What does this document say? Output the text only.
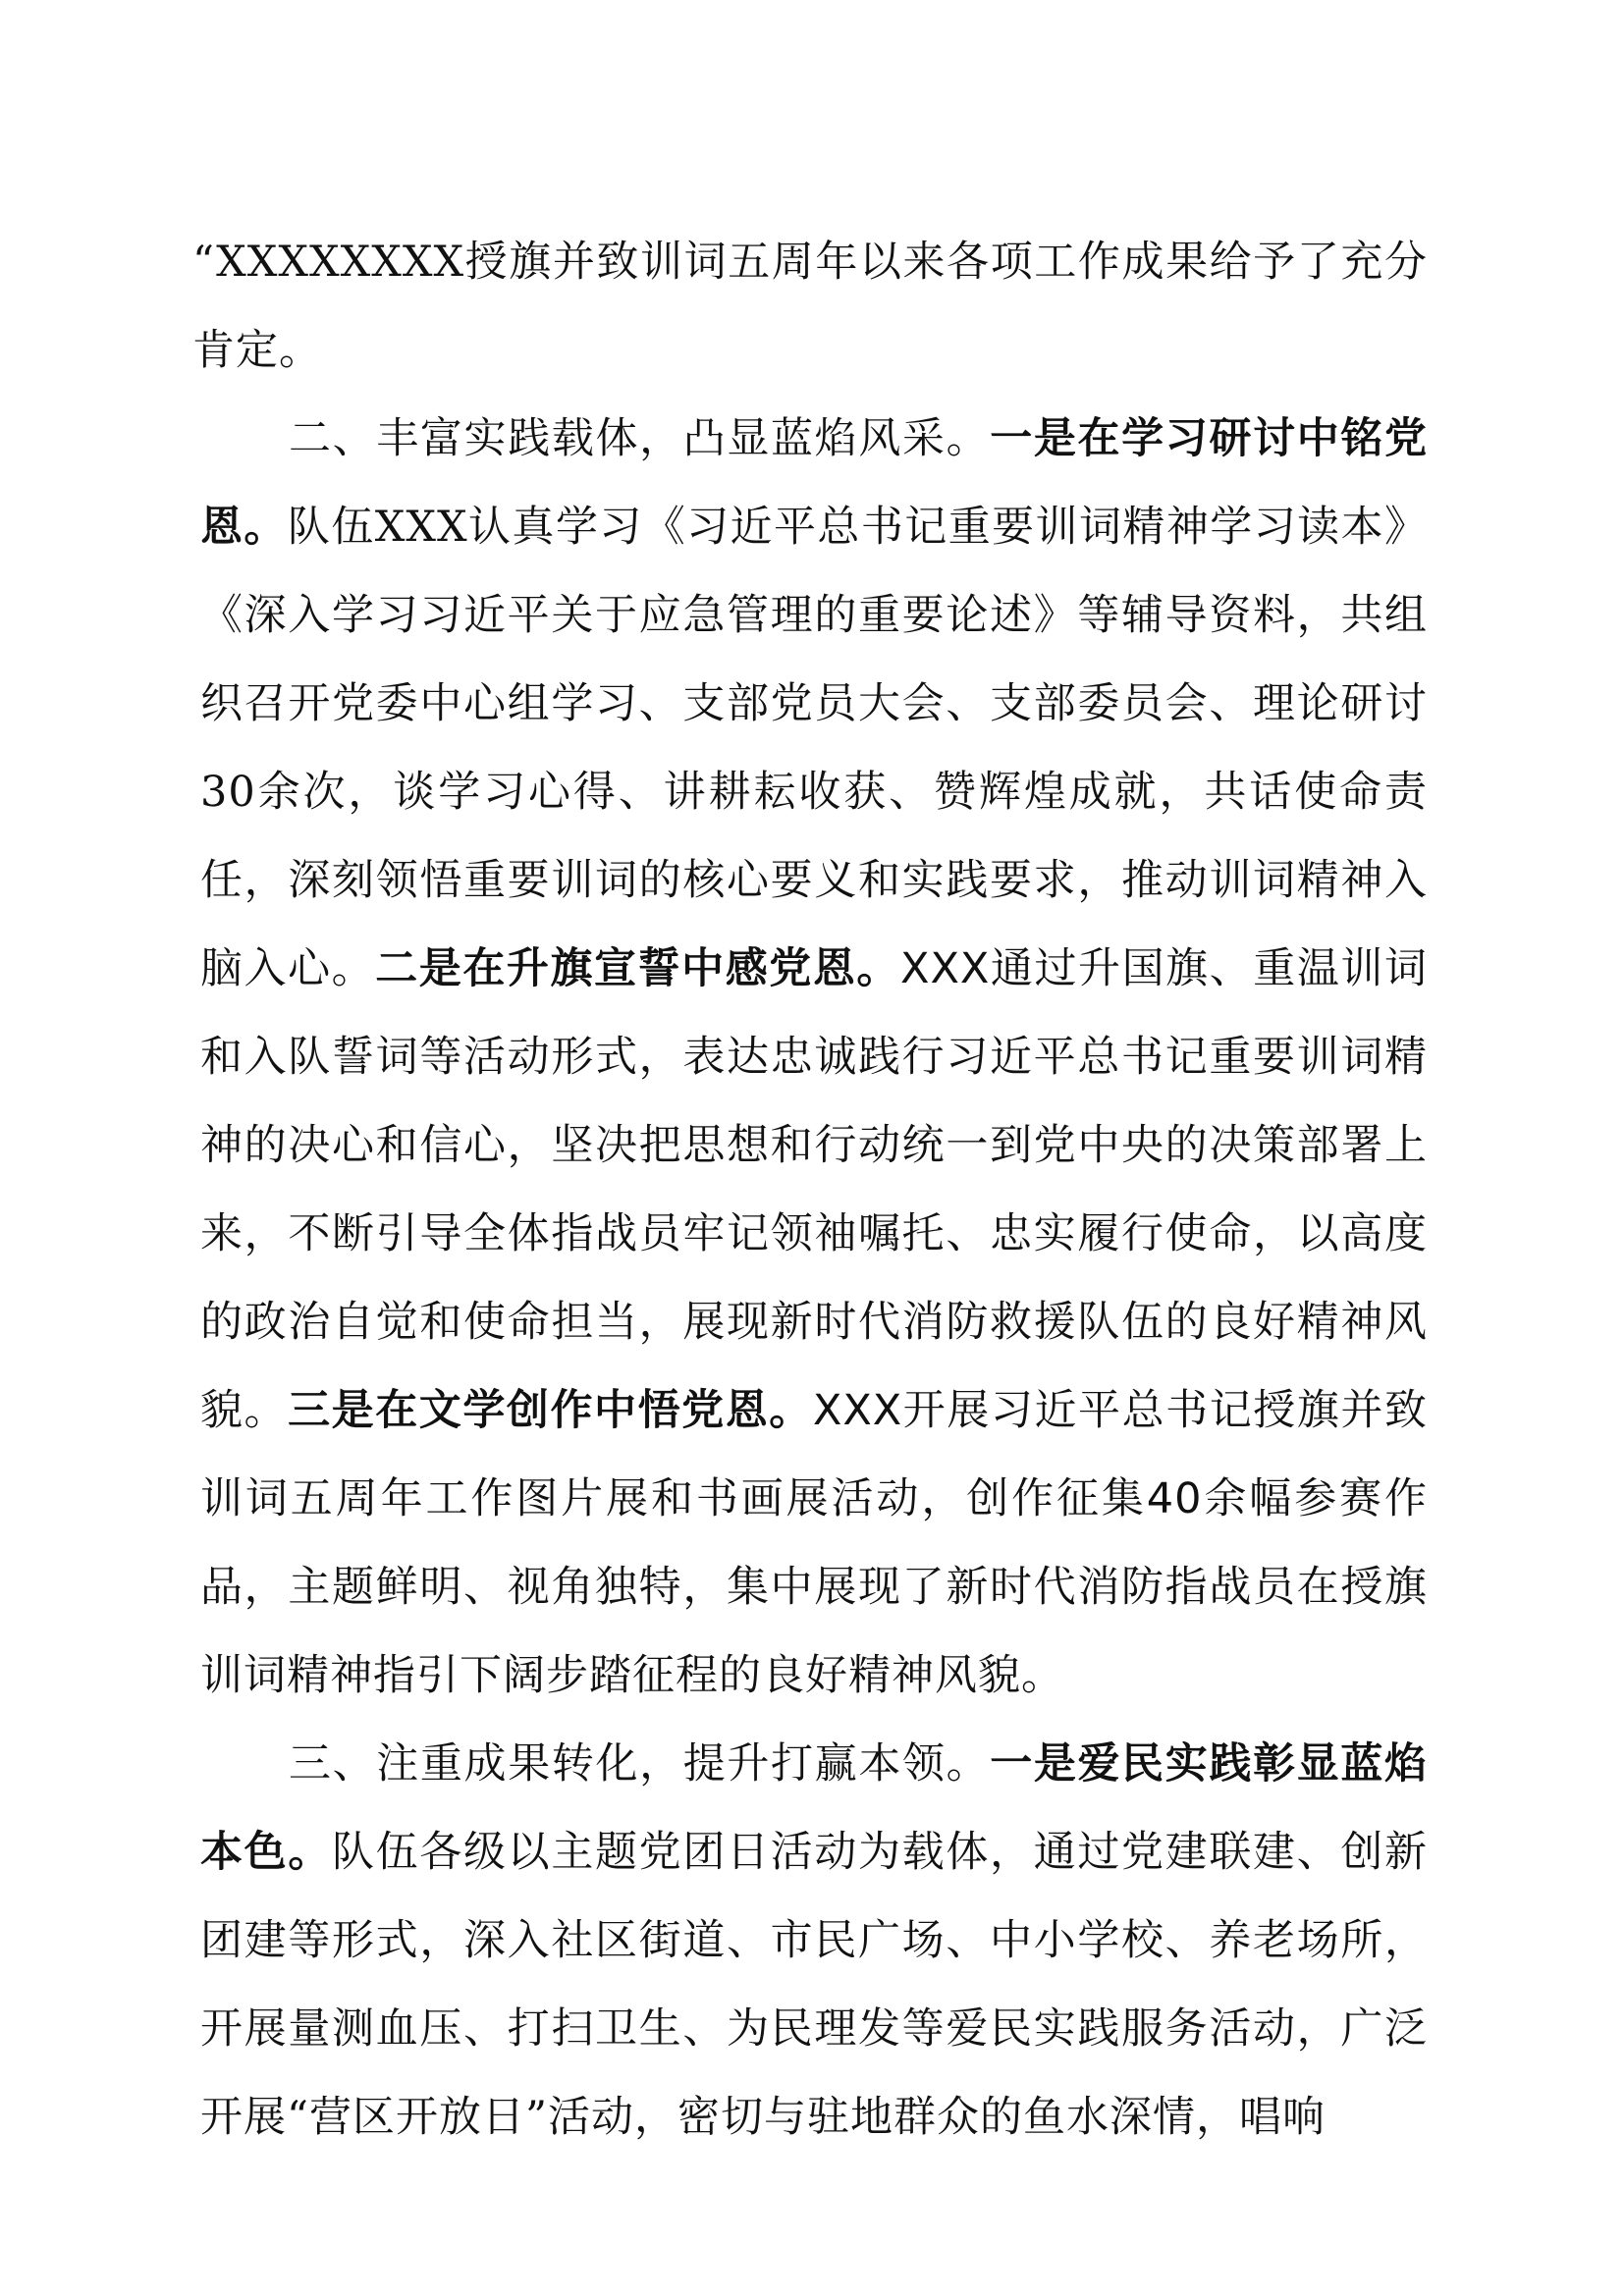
“XXXXXXXX授旗并致训词五周年以来各项工作成果给予了充分肯定。

二、丰富实践载体，凸显蓝焰风采。一是在学习研讨中铭党恩。队伍XXX认真学习《习近平总书记重要训词精神学习读本》《深入学习习近平关于应急管理的重要论述》等辅导资料，共组织召开党委中心组学习、支部党员大会、支部委员会、理论研讨30余次，谈学习心得、讲耕耘收获、赞辉煌成就，共话使命责任，深刻领悟重要训词的核心要义和实践要求，推动训词精神入脑入心。二是在升旗宣誓中感党恩。XXX通过升国旗、重温训词和入队誓词等活动形式，表达忠诚践行习近平总书记重要训词精神的决心和信心，坚决把思想和行动统一到党中央的决策部署上来，不断引导全体指战员牢记领袖嘱托、忠实履行使命，以高度的政治自觉和使命担当，展现新时代消防救援队伍的良好精神风貌。三是在文学创作中悟党恩。XXX开展习近平总书记授旗并致训词五周年工作图片展和书画展活动，创作征集40余幅参赛作品，主题鲜明、视角独特，集中展现了新时代消防指战员在授旗训词精神指引下阔步踏征程的良好精神风貌。

三、注重成果转化，提升打赢本领。一是爱民实践彰显蓝焰本色。队伍各级以主题党团日活动为载体，通过党建联建、创新团建等形式，深入社区街道、市民广场、中小学校、养老场所，开展量测血压、打扫卫生、为民理发等爱民实践服务活动，广泛开展“营区开放日”活动，密切与驻地群众的鱼水深情，唱响
